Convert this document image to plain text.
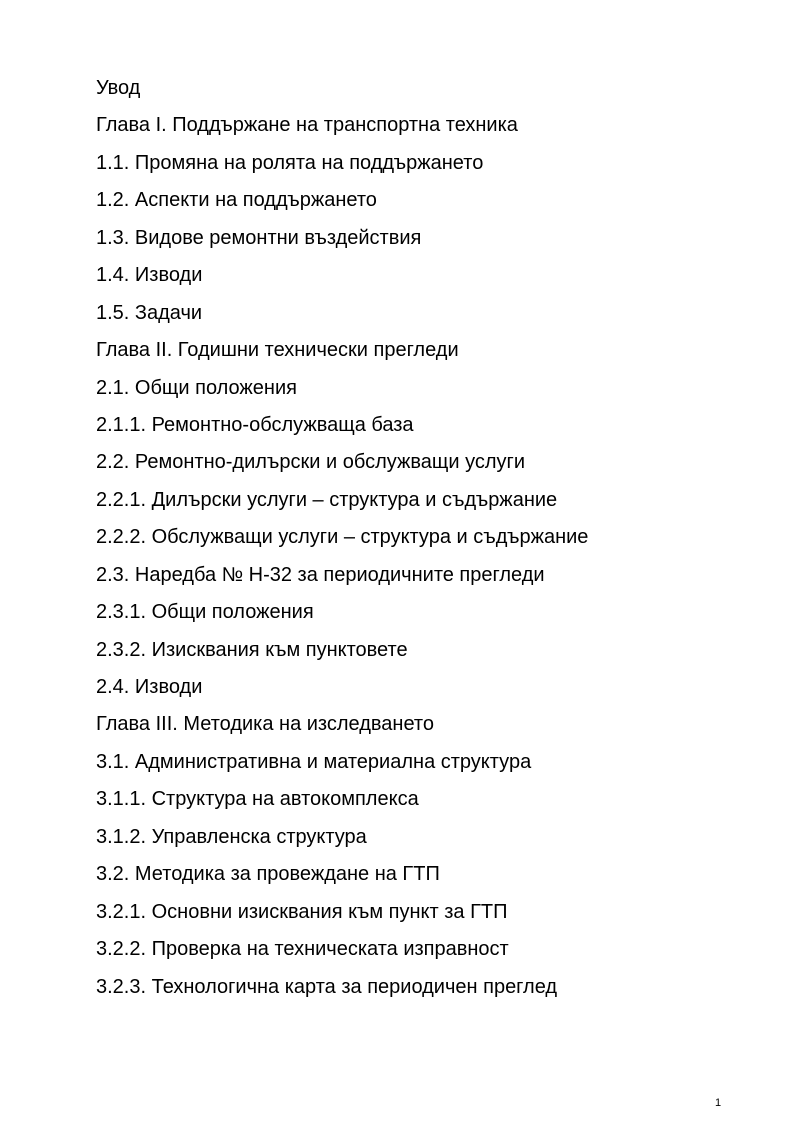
Увод
Глава I. Поддържане на транспортна техника
1.1. Промяна на ролята на поддържането
1.2. Аспекти на поддържането
1.3. Видове ремонтни въздействия
1.4. Изводи
1.5. Задачи
Глава II. Годишни технически прегледи
2.1. Общи положения
2.1.1. Ремонтно-обслужваща база
2.2. Ремонтно-дилърски и обслужващи услуги
2.2.1. Дилърски услуги – структура и съдържание
2.2.2. Обслужващи услуги – структура и съдържание
2.3. Наредба № Н-32 за периодичните прегледи
2.3.1. Общи положения
2.3.2. Изисквания към пунктовете
2.4. Изводи
Глава III. Методика на изследването
3.1. Административна и материална структура
3.1.1. Структура на автокомплекса
3.1.2. Управленска структура
3.2. Методика за провеждане на ГТП
3.2.1. Основни изисквания към пункт за ГТП
3.2.2. Проверка на техническата изправност
3.2.3. Технологична карта за периодичен преглед
1
